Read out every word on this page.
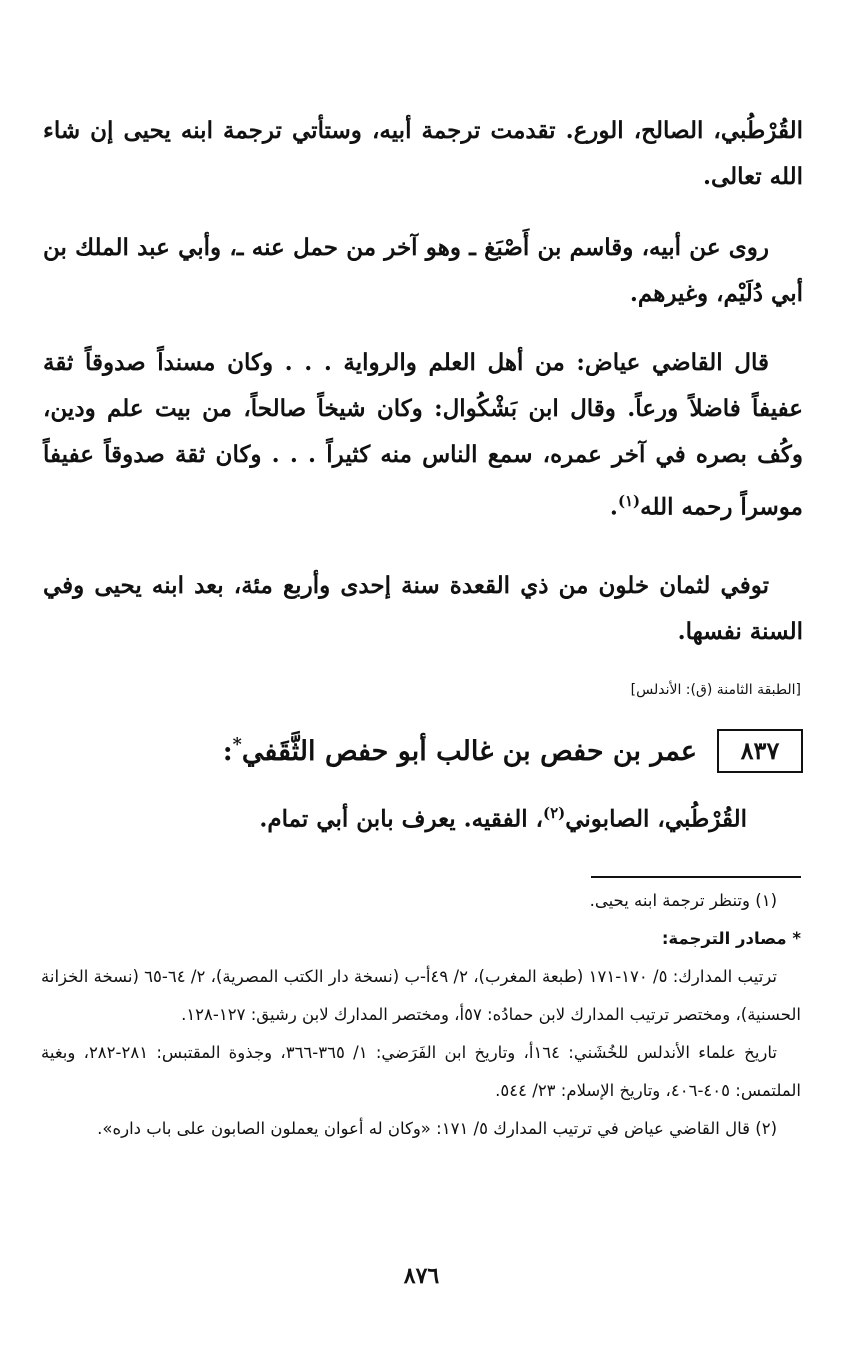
القُرْطُبي، الصالح، الورع. تقدمت ترجمة أبيه، وستأتي ترجمة ابنه يحيى إن شاء الله تعالى.

روى عن أبيه، وقاسم بن أَصْبَغ ـ وهو آخر من حمل عنه ـ، وأبي عبد الملك بن أبي دُلَيْم، وغيرهم.

قال القاضي عياض: من أهل العلم والرواية . . . وكان مسنداً صدوقاً ثقة عفيفاً فاضلاً ورعاً. وقال ابن بَشْكُوال: وكان شيخاً صالحاً، من بيت علم ودين، وكُف بصره في آخر عمره، سمع الناس منه كثيراً . . . وكان ثقة صدوقاً عفيفاً موسراً رحمه الله$^{(١)}$.

توفي لثمان خلون من ذي القعدة سنة إحدى وأربع مئة، بعد ابنه يحيى وفي السنة نفسها.

[الطبقة الثامنة (ق): الأندلس]
٨٣٧
عمر بن حفص بن غالب أبو حفص الثَّقَفي*:
القُرْطُبي، الصابوني$^{(٢)}$، الفقيه. يعرف بابن أبي تمام.

(١) وتنظر ترجمة ابنه يحيى.

* مصادر الترجمة:

ترتيب المدارك: ٥/ ١٧٠-١٧١ (طبعة المغرب)، ٢/ ٤٩أ-ب (نسخة دار الكتب المصرية)، ٢/ ٦٤-٦٥ (نسخة الخزانة الحسنية)، ومختصر ترتيب المدارك لابن حمادُه: ٥٧أ، ومختصر المدارك لابن رشيق: ١٢٧-١٢٨.

تاريخ علماء الأندلس للخُشَني: ١٦٤أ، وتاريخ ابن الفَرَضي: ١/ ٣٦٥-٣٦٦، وجذوة المقتبس: ٢٨١-٢٨٢، وبغية الملتمس: ٤٠٥-٤٠٦، وتاريخ الإسلام: ٢٣/ ٥٤٤.

(٢) قال القاضي عياض في ترتيب المدارك ٥/ ١٧١: «وكان له أعوان يعملون الصابون على باب داره».

٨٧٦
